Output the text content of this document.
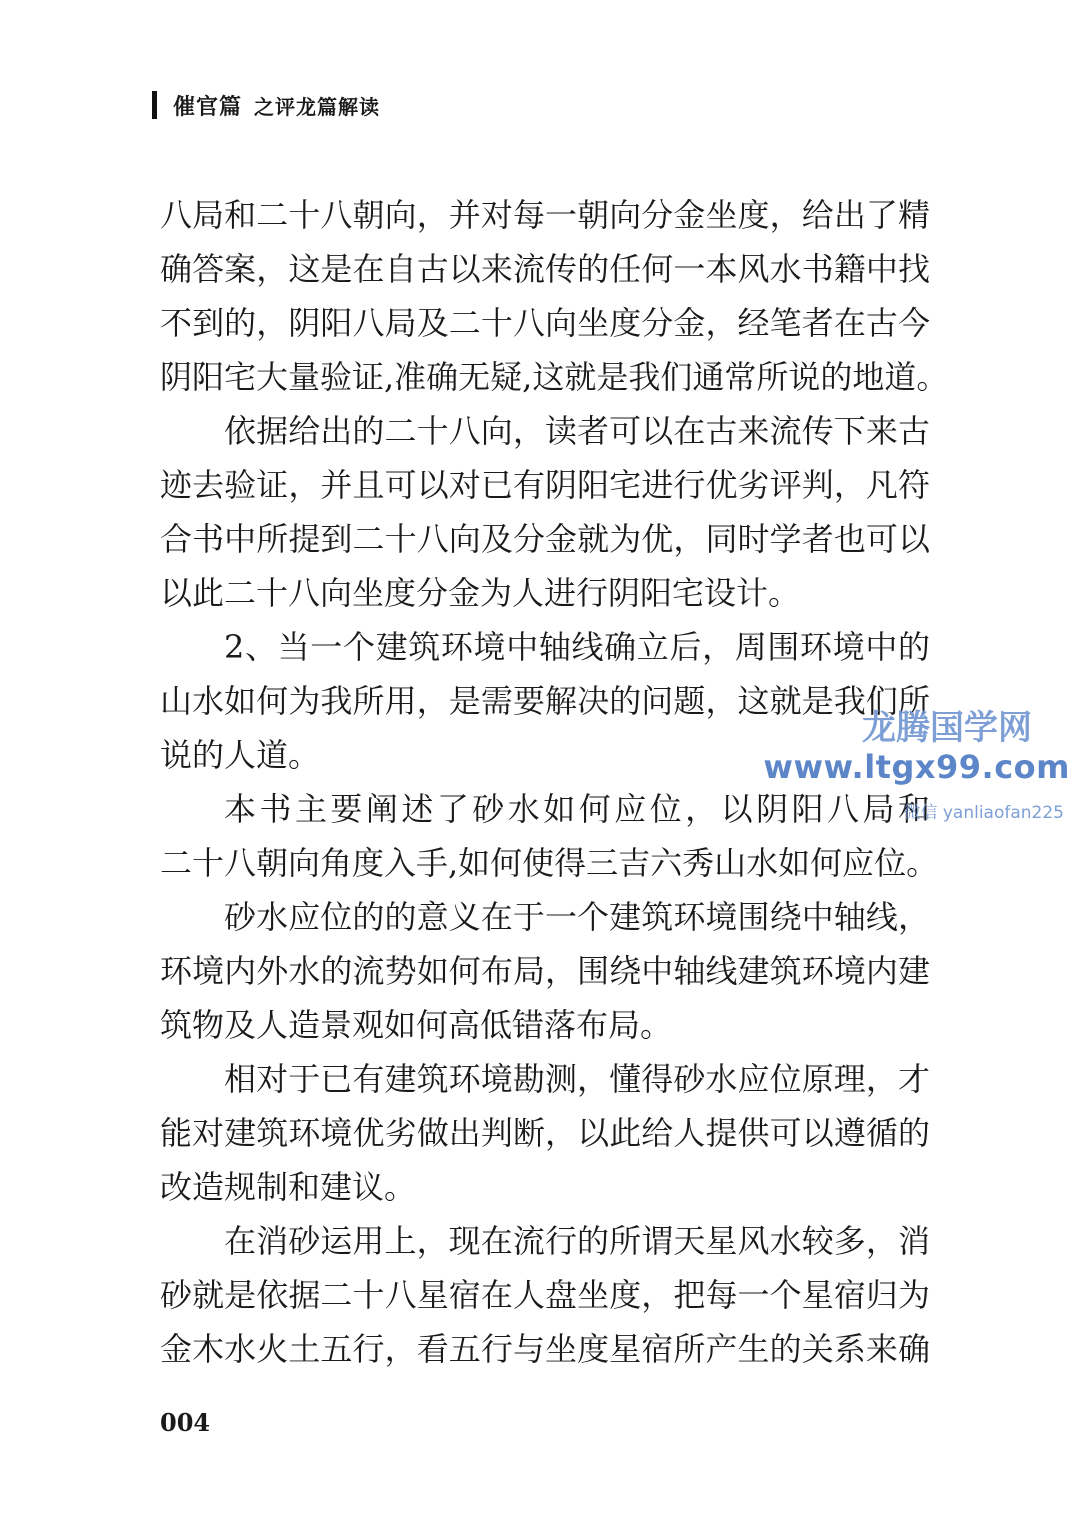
催官篇 之评龙篇解读
八局和二十八朝向，并对每一朝向分金坐度，给出了精
确答案，这是在自古以来流传的任何一本风水书籍中找
不到的，阴阳八局及二十八向坐度分金，经笔者在古今
阴阳宅大量验证,准确无疑,这就是我们通常所说的地道。
依据给出的二十八向，读者可以在古来流传下来古
迹去验证，并且可以对已有阴阳宅进行优劣评判，凡符
合书中所提到二十八向及分金就为优，同时学者也可以
以此二十八向坐度分金为人进行阴阳宅设计。
2、当一个建筑环境中轴线确立后，周围环境中的
山水如何为我所用，是需要解决的问题，这就是我们所
说的人道。
本书主要阐述了砂水如何应位，以阴阳八局和
二十八朝向角度入手,如何使得三吉六秀山水如何应位。
砂水应位的的意义在于一个建筑环境围绕中轴线，
环境内外水的流势如何布局，围绕中轴线建筑环境内建
筑物及人造景观如何高低错落布局。
相对于已有建筑环境勘测，懂得砂水应位原理，才
能对建筑环境优劣做出判断，以此给人提供可以遵循的
改造规制和建议。
在消砂运用上，现在流行的所谓天星风水较多，消
砂就是依据二十八星宿在人盘坐度，把每一个星宿归为
金木水火土五行，看五行与坐度星宿所产生的关系来确
龙腾国学网
www.ltgx99.com
微信 yanliaofan225
004
